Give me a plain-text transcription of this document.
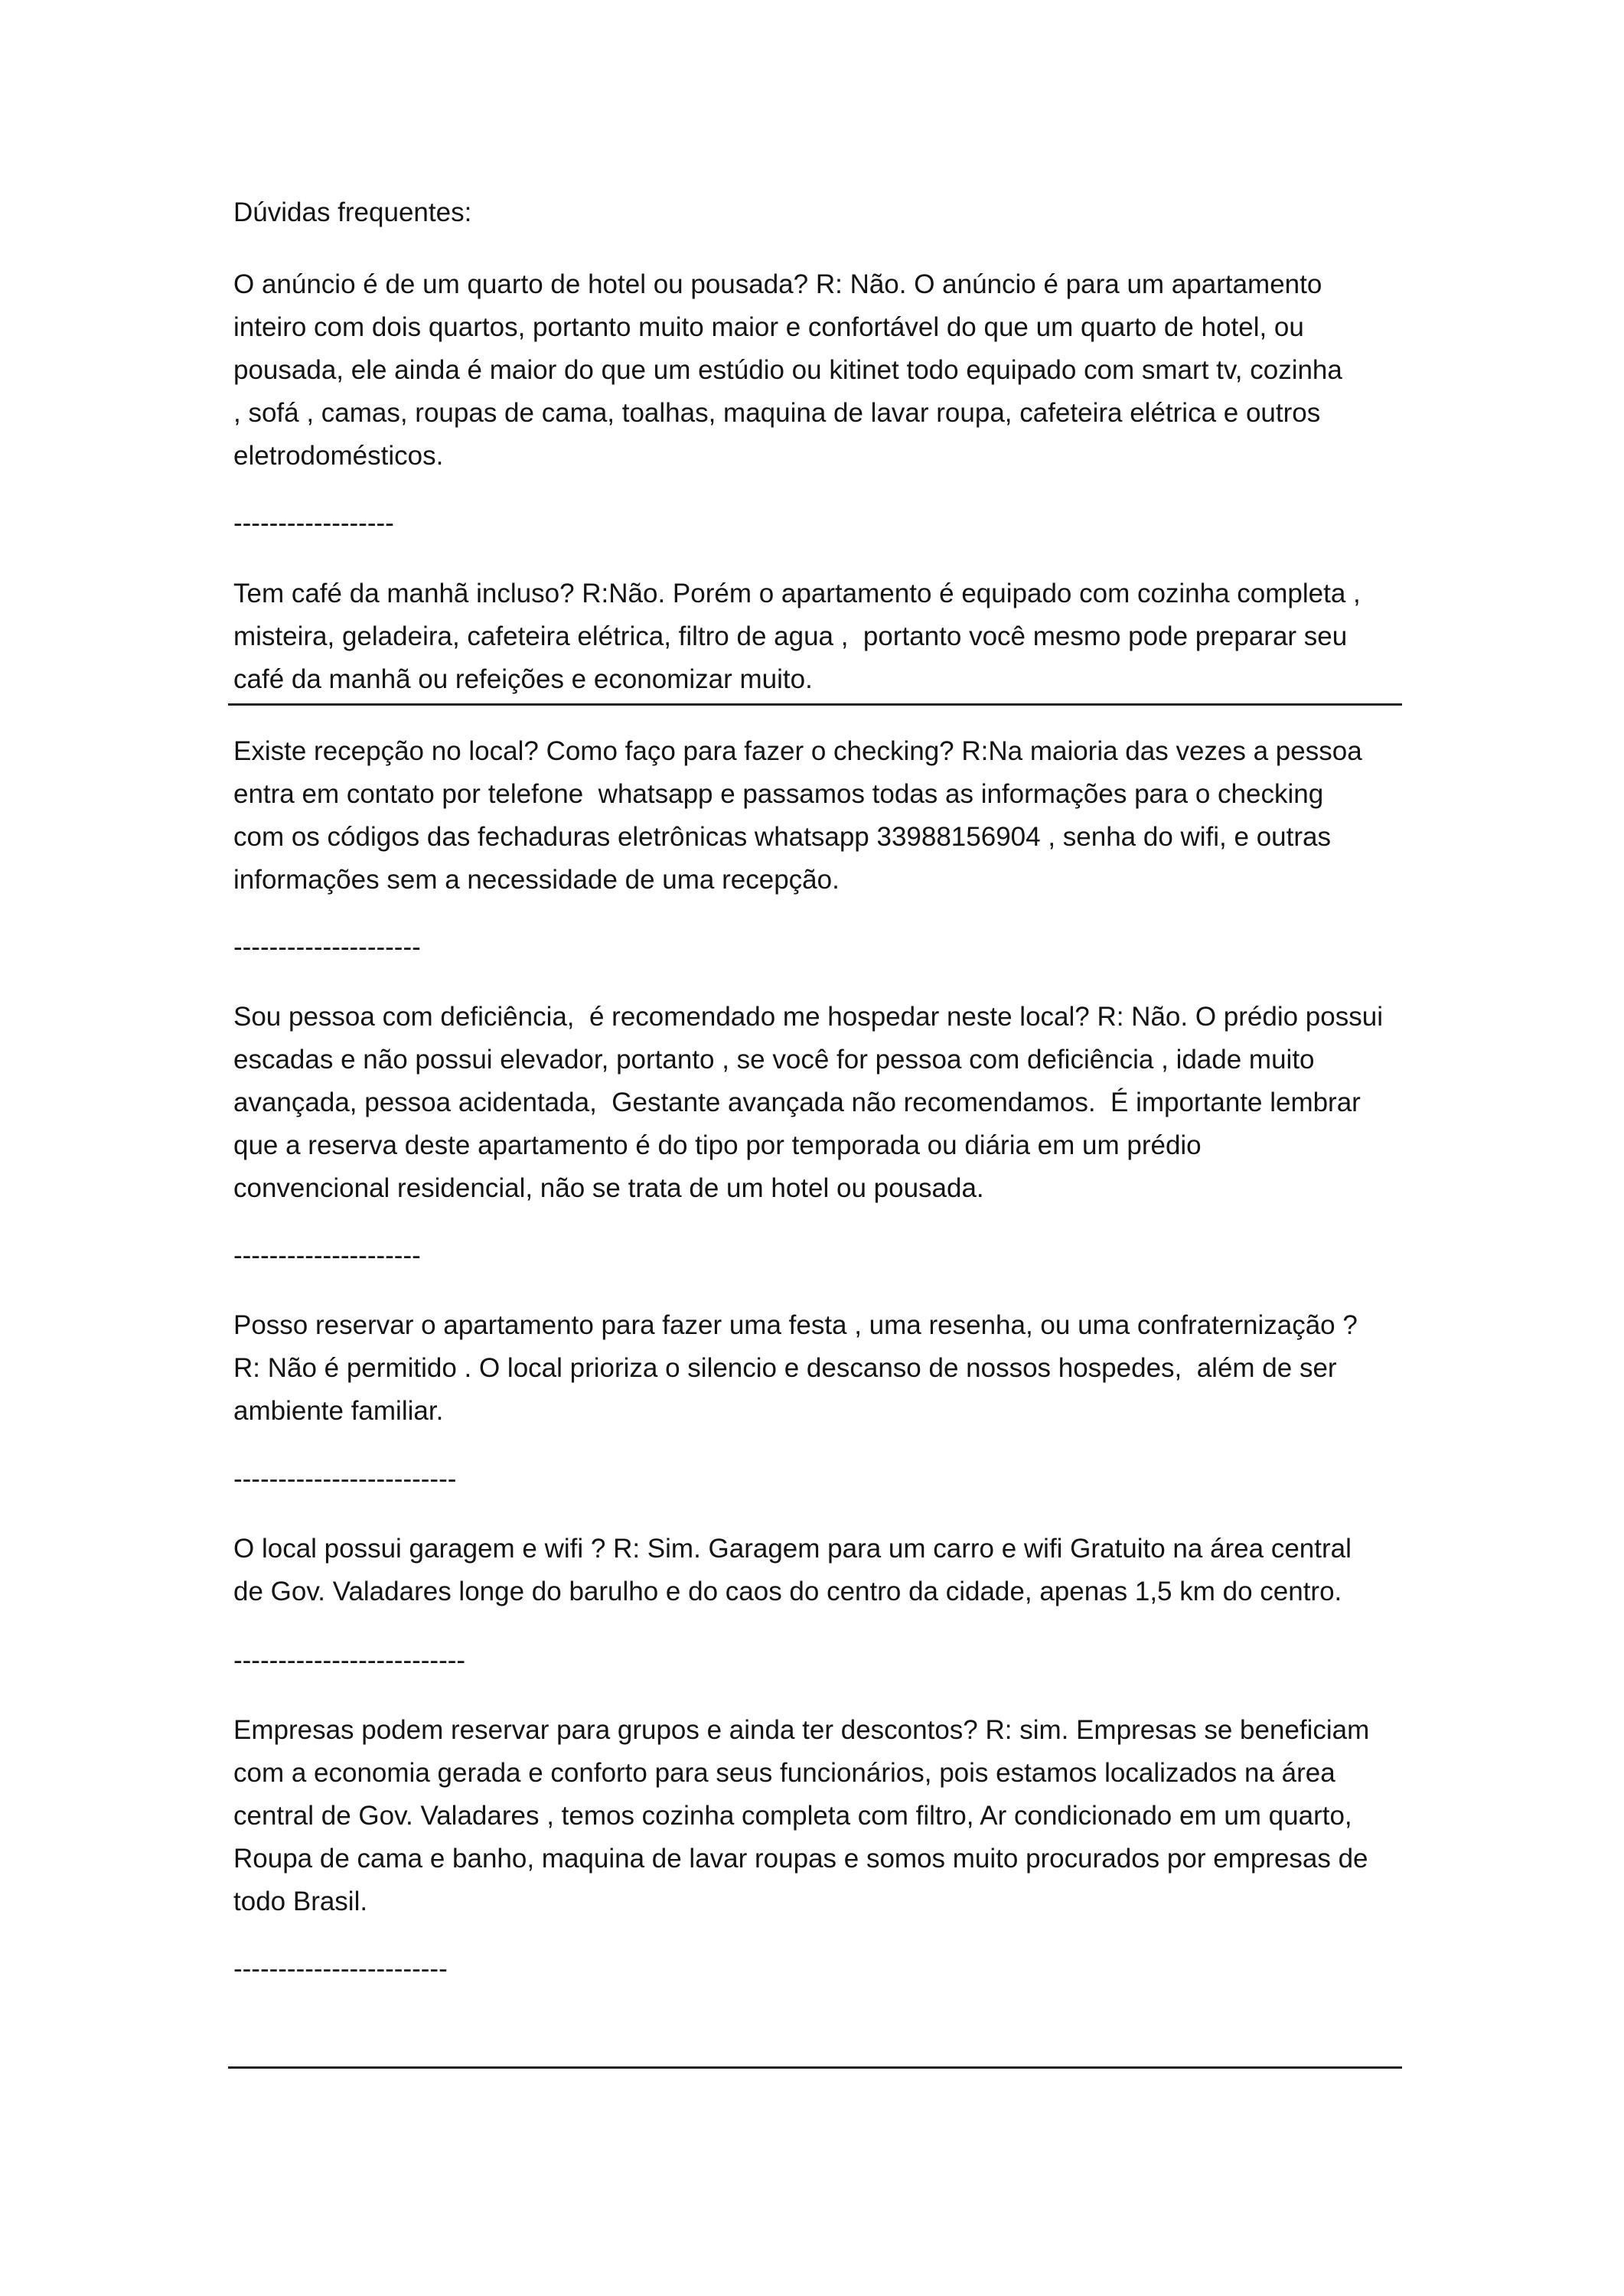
Dúvidas frequentes:

O anúncio é de um quarto de hotel ou pousada? R: Não. O anúncio é para um apartamento
inteiro com dois quartos, portanto muito maior e confortável do que um quarto de hotel, ou
pousada, ele ainda é maior do que um estúdio ou kitinet todo equipado com smart tv, cozinha
, sofá , camas, roupas de cama, toalhas, maquina de lavar roupa, cafeteira elétrica e outros
eletrodomésticos.

------------------

Tem café da manhã incluso? R:Não. Porém o apartamento é equipado com cozinha completa ,
misteira, geladeira, cafeteira elétrica, filtro de agua ,  portanto você mesmo pode preparar seu
café da manhã ou refeições e economizar muito.

Existe recepção no local? Como faço para fazer o checking? R:Na maioria das vezes a pessoa
entra em contato por telefone  whatsapp e passamos todas as informações para o checking
com os códigos das fechaduras eletrônicas whatsapp 33988156904 , senha do wifi, e outras
informações sem a necessidade de uma recepção.

---------------------

Sou pessoa com deficiência,  é recomendado me hospedar neste local? R: Não. O prédio possui
escadas e não possui elevador, portanto , se você for pessoa com deficiência , idade muito
avançada, pessoa acidentada,  Gestante avançada não recomendamos.  É importante lembrar
que a reserva deste apartamento é do tipo por temporada ou diária em um prédio
convencional residencial, não se trata de um hotel ou pousada.

---------------------

Posso reservar o apartamento para fazer uma festa , uma resenha, ou uma confraternização ?
R: Não é permitido . O local prioriza o silencio e descanso de nossos hospedes,  além de ser
ambiente familiar.

-------------------------

O local possui garagem e wifi ? R: Sim. Garagem para um carro e wifi Gratuito na área central
de Gov. Valadares longe do barulho e do caos do centro da cidade, apenas 1,5 km do centro.

--------------------------

Empresas podem reservar para grupos e ainda ter descontos? R: sim. Empresas se beneficiam
com a economia gerada e conforto para seus funcionários, pois estamos localizados na área
central de Gov. Valadares , temos cozinha completa com filtro, Ar condicionado em um quarto,
Roupa de cama e banho, maquina de lavar roupas e somos muito procurados por empresas de
todo Brasil.

------------------------
